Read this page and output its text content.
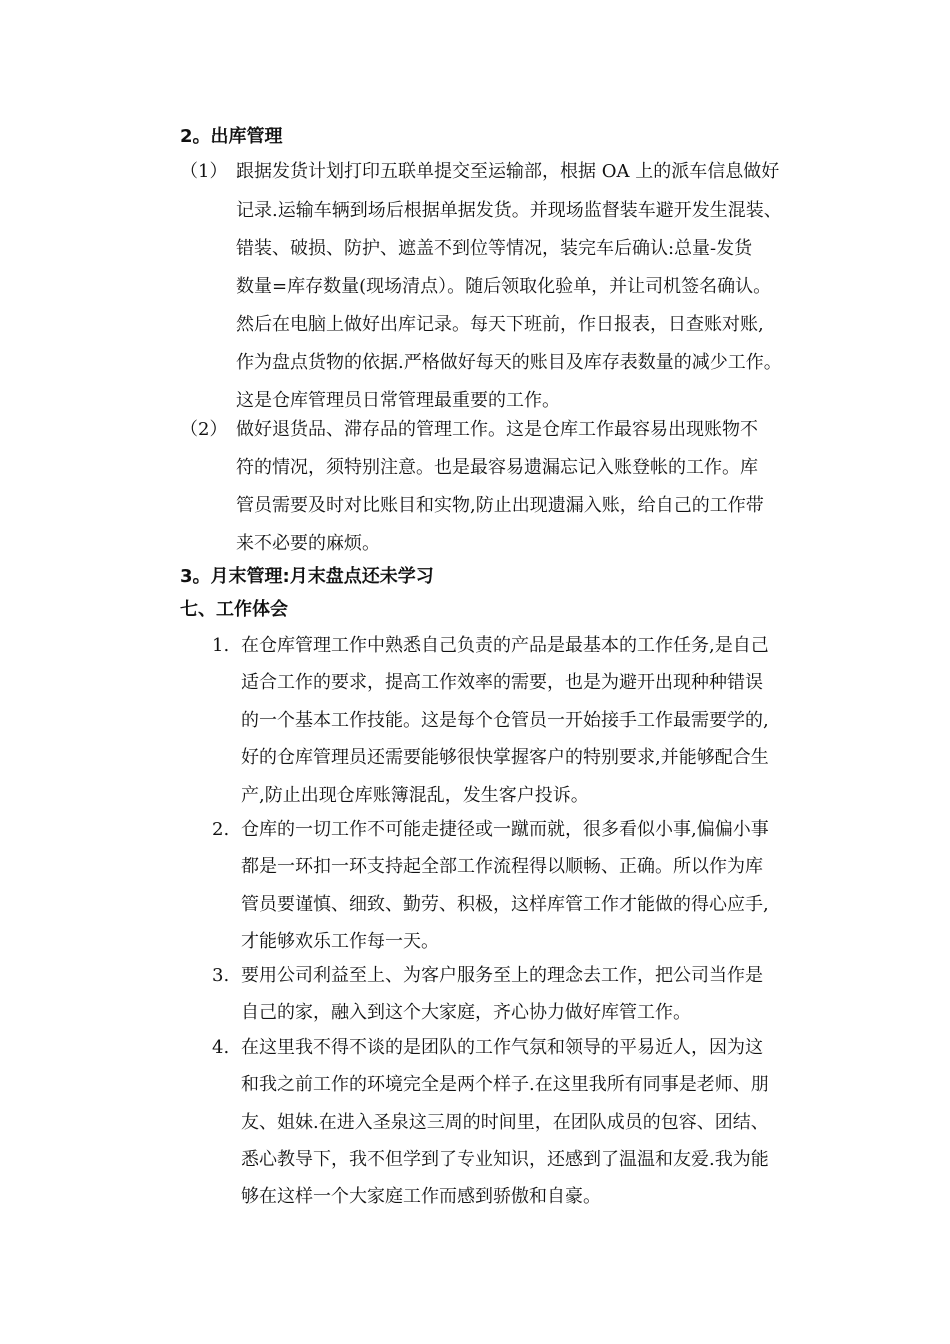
2。出库管理
（1） 跟据发货计划打印五联单提交至运输部，根据 OA 上的派车信息做好
记录.运输车辆到场后根据单据发货。并现场监督装车避开发生混装、
错装、破损、防护、遮盖不到位等情况，装完车后确认:总量-发货
数量=库存数量(现场清点）。随后领取化验单，并让司机签名确认。
然后在电脑上做好出库记录。每天下班前，作日报表，日查账对账,
作为盘点货物的依据.严格做好每天的账目及库存表数量的减少工作。
这是仓库管理员日常管理最重要的工作。
（2） 做好退货品、滞存品的管理工作。这是仓库工作最容易出现账物不
符的情况，须特别注意。也是最容易遗漏忘记入账登帐的工作。库
管员需要及时对比账目和实物,防止出现遗漏入账，给自己的工作带
来不必要的麻烦。
3。月末管理:月末盘点还未学习
七、工作体会
1. 在仓库管理工作中熟悉自己负责的产品是最基本的工作任务,是自己
适合工作的要求，提高工作效率的需要，也是为避开出现种种错误
的一个基本工作技能。这是每个仓管员一开始接手工作最需要学的,
好的仓库管理员还需要能够很快掌握客户的特别要求,并能够配合生
产,防止出现仓库账簿混乱，发生客户投诉。
2. 仓库的一切工作不可能走捷径或一蹴而就，很多看似小事,偏偏小事
都是一环扣一环支持起全部工作流程得以顺畅、正确。所以作为库
管员要谨慎、细致、勤劳、积极，这样库管工作才能做的得心应手,
才能够欢乐工作每一天。
3. 要用公司利益至上、为客户服务至上的理念去工作，把公司当作是
自己的家，融入到这个大家庭，齐心协力做好库管工作。
4. 在这里我不得不谈的是团队的工作气氛和领导的平易近人，因为这
和我之前工作的环境完全是两个样子.在这里我所有同事是老师、朋
友、姐妹.在进入圣泉这三周的时间里，在团队成员的包容、团结、
悉心教导下，我不但学到了专业知识，还感到了温温和友爱.我为能
够在这样一个大家庭工作而感到骄傲和自豪。
